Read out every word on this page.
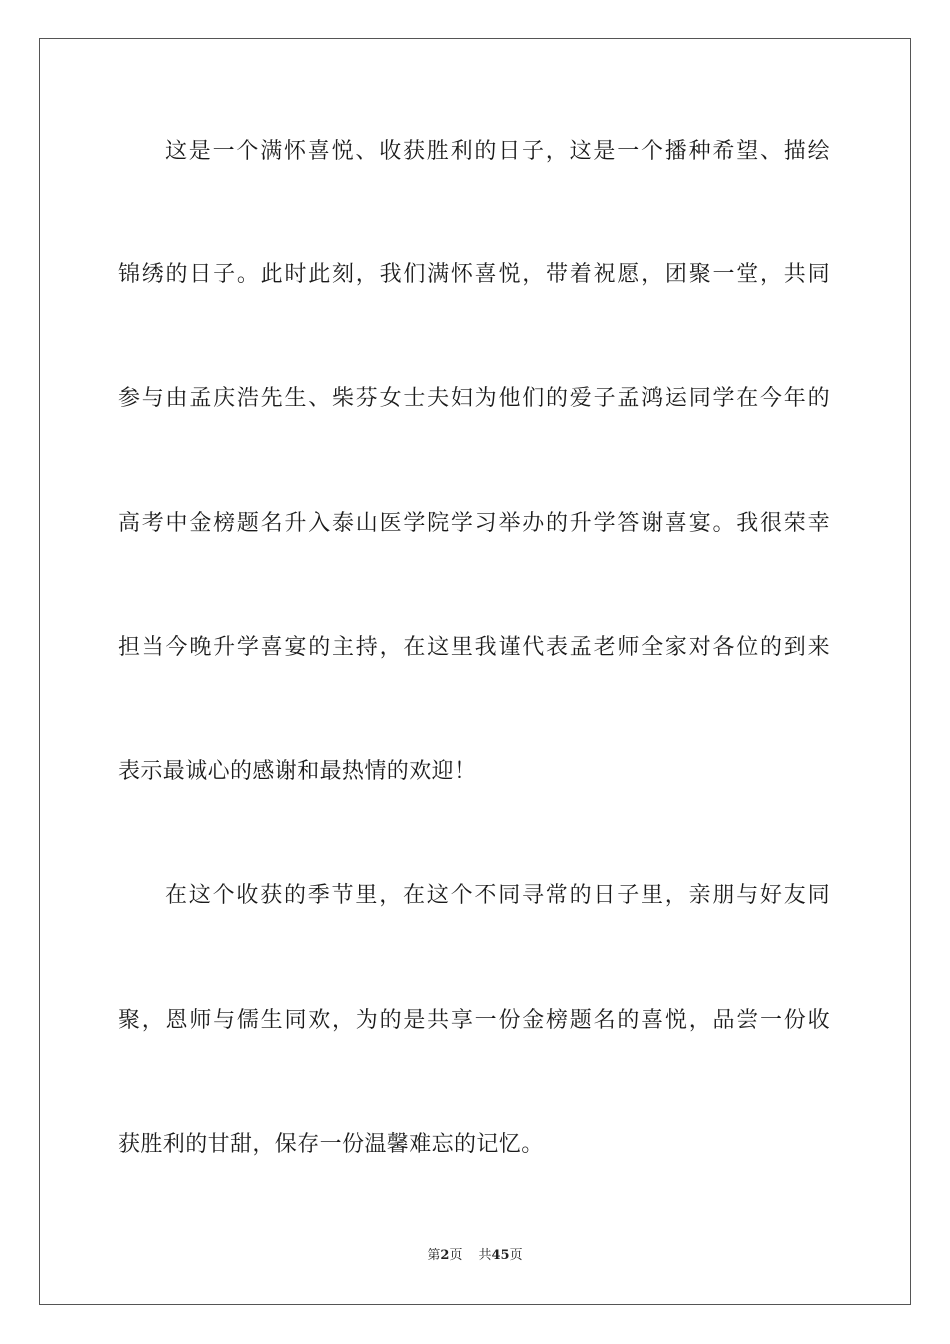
这是一个满怀喜悦、收获胜利的日子，这是一个播种希望、描绘
锦绣的日子。此时此刻，我们满怀喜悦，带着祝愿，团聚一堂，共同
参与由孟庆浩先生、柴芬女士夫妇为他们的爱子孟鸿运同学在今年的
高考中金榜题名升入泰山医学院学习举办的升学答谢喜宴。我很荣幸
担当今晚升学喜宴的主持，在这里我谨代表孟老师全家对各位的到来
表示最诚心的感谢和最热情的欢迎！
在这个收获的季节里，在这个不同寻常的日子里，亲朋与好友同
聚，恩师与儒生同欢，为的是共享一份金榜题名的喜悦，品尝一份收
获胜利的甘甜，保存一份温馨难忘的记忆。
第2页 共45页
